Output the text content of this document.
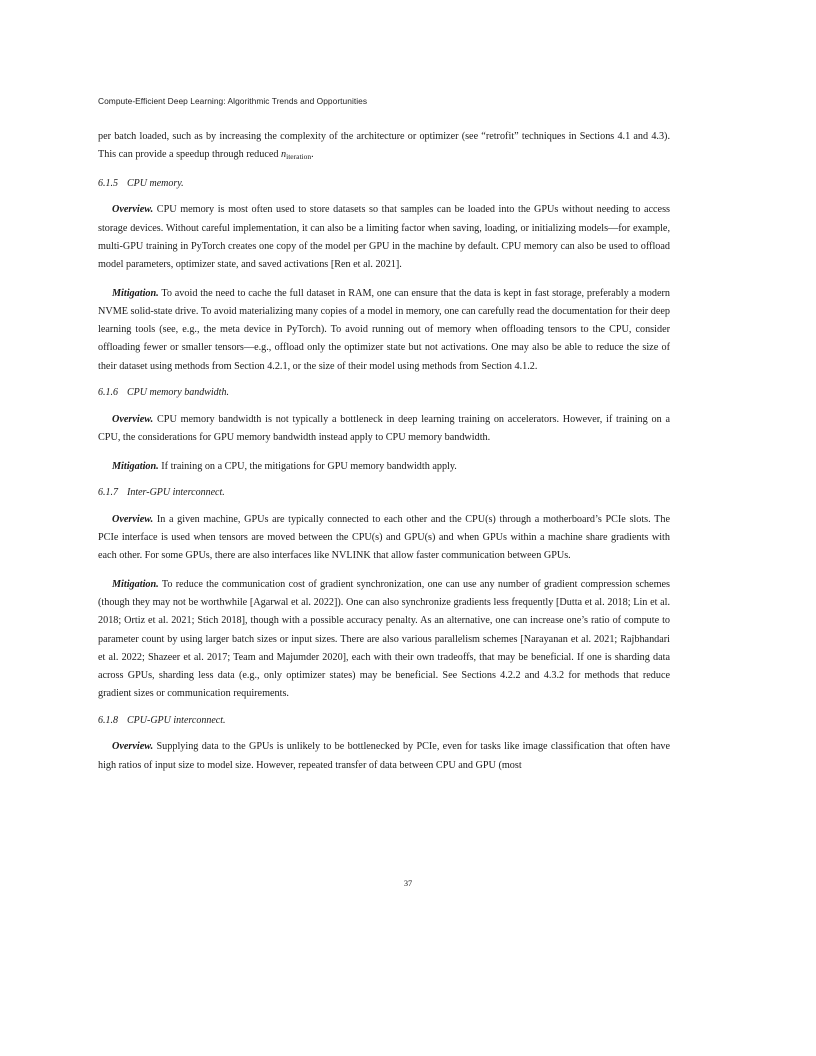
Compute-Efficient Deep Learning: Algorithmic Trends and Opportunities

per batch loaded, such as by increasing the complexity of the architecture or optimizer (see “retrofit” techniques in Sections 4.1 and 4.3). This can provide a speedup through reduced $n_{iteration}$.

6.1.5 CPU memory.

Overview. CPU memory is most often used to store datasets so that samples can be loaded into the GPUs without needing to access storage devices. Without careful implementation, it can also be a limiting factor when saving, loading, or initializing models—for example, multi-GPU training in PyTorch creates one copy of the model per GPU in the machine by default. CPU memory can also be used to offload model parameters, optimizer state, and saved activations [Ren et al. 2021].

Mitigation. To avoid the need to cache the full dataset in RAM, one can ensure that the data is kept in fast storage, preferably a modern NVME solid-state drive. To avoid materializing many copies of a model in memory, one can carefully read the documentation for their deep learning tools (see, e.g., the meta device in PyTorch). To avoid running out of memory when offloading tensors to the CPU, consider offloading fewer or smaller tensors—e.g., offload only the optimizer state but not activations. One may also be able to reduce the size of their dataset using methods from Section 4.2.1, or the size of their model using methods from Section 4.1.2.

6.1.6 CPU memory bandwidth.

Overview. CPU memory bandwidth is not typically a bottleneck in deep learning training on accelerators. However, if training on a CPU, the considerations for GPU memory bandwidth instead apply to CPU memory bandwidth.

Mitigation. If training on a CPU, the mitigations for GPU memory bandwidth apply.

6.1.7 Inter-GPU interconnect.

Overview. In a given machine, GPUs are typically connected to each other and the CPU(s) through a motherboard’s PCIe slots. The PCIe interface is used when tensors are moved between the CPU(s) and GPU(s) and when GPUs within a machine share gradients with each other. For some GPUs, there are also interfaces like NVLINK that allow faster communication between GPUs.

Mitigation. To reduce the communication cost of gradient synchronization, one can use any number of gradient compression schemes (though they may not be worthwhile [Agarwal et al. 2022]). One can also synchronize gradients less frequently [Dutta et al. 2018; Lin et al. 2018; Ortiz et al. 2021; Stich 2018], though with a possible accuracy penalty. As an alternative, one can increase one’s ratio of compute to parameter count by using larger batch sizes or input sizes. There are also various parallelism schemes [Narayanan et al. 2021; Rajbhandari et al. 2022; Shazeer et al. 2017; Team and Majumder 2020], each with their own tradeoffs, that may be beneficial. If one is sharding data across GPUs, sharding less data (e.g., only optimizer states) may be beneficial. See Sections 4.2.2 and 4.3.2 for methods that reduce gradient sizes or communication requirements.

6.1.8 CPU-GPU interconnect.

Overview. Supplying data to the GPUs is unlikely to be bottlenecked by PCIe, even for tasks like image classification that often have high ratios of input size to model size. However, repeated transfer of data between CPU and GPU (most

37
